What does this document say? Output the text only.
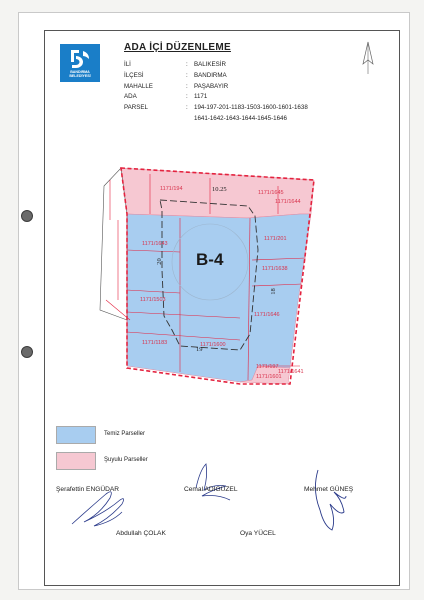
BANDIRMA BELEDİYESİ
ADA İÇİ DÜZENLEME
İLİ	: BALIKESİR
İLÇESİ	: BANDIRMA
MAHALLE	: PAŞABAYIR
ADA	: 1171
PARSEL	: 194-197-201-1183-1503-1600-1601-1638
1641-1642-1643-1644-1645-1646
B-4
10.25
20
18
19
1171/194
1171/1645
1171/1644
1171/1643
1171/201
1171/1638
1171/1503
1171/1646
1171/1183	1171/1600
1171/197
1171/1601
1171/1641
Temiz Parseller
Şuyulu Parseller
Şerafettin ENGÜDAR	Cemal ADIGÜZEL	Mehmet GÜNEŞ
Abdullah ÇOLAK	Oya YÜCEL
